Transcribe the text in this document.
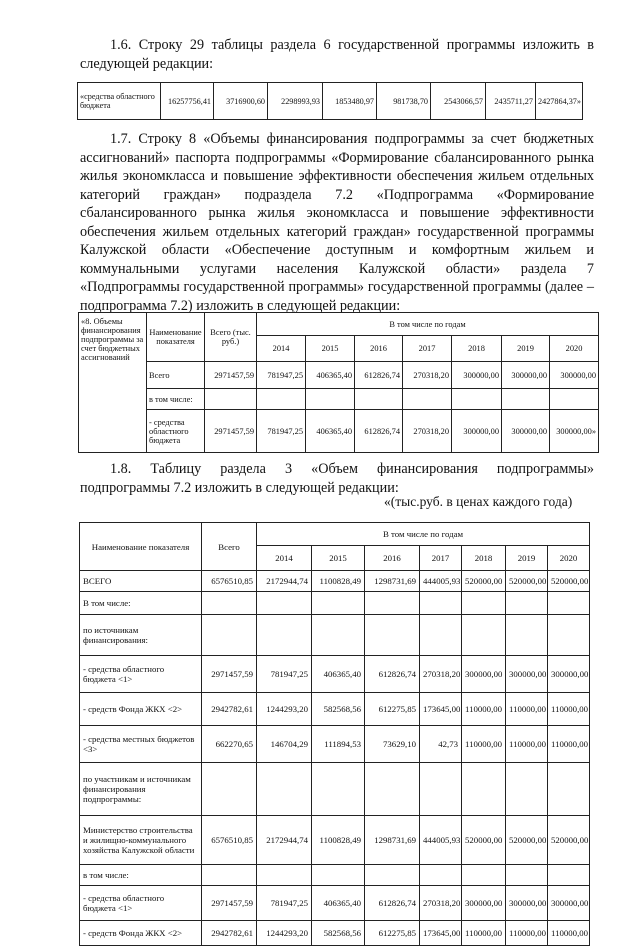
1.6. Строку 29 таблицы раздела 6 государственной программы изложить в следующей редакции:

«средства областного бюджета	16257756,41	3716900,60	2298993,93	1853480,97	981738,70	2543066,57	2435711,27	2427864,37»

1.7. Строку 8 «Объемы финансирования подпрограммы за счет бюджетных ассигнований» паспорта подпрограммы «Формирование сбалансированного рынка жилья экономкласса и повышение эффективности обеспечения жильем отдельных категорий граждан» подраздела 7.2 «Подпрограмма «Формирование сбалансированного рынка жилья экономкласса и повышение эффективности обеспечения жильем отдельных категорий граждан» государственной программы Калужской области «Обеспечение доступным и комфортным жильем и коммунальными услугами населения Калужской области» раздела 7 «Подпрограммы государственной программы» государственной программы (далее – подпрограмма 7.2) изложить в следующей редакции:

«8. Объемы финансирования подпрограммы за счет бюджетных ассигнований	Наименование показателя	Всего (тыс. руб.)	В том числе по годам						
			2014	2015	2016	2017	2018	2019	2020
	Всего	2971457,59	781947,25	406365,40	612826,74	270318,20	300000,00	300000,00	300000,00
	в том числе:								
	- средства областного бюджета	2971457,59	781947,25	406365,40	612826,74	270318,20	300000,00	300000,00	300000,00»

1.8. Таблицу раздела 3 «Объем финансирования подпрограммы» подпрограммы 7.2 изложить в следующей редакции:

«(тыс.руб. в ценах каждого года)
Наименование показателя	Всего	В том числе по годам						
		2014	2015	2016	2017	2018	2019	2020
ВСЕГО	6576510,85	2172944,74	1100828,49	1298731,69	444005,93	520000,00	520000,00	520000,00
В том числе:								
по источникам финансирования:								
- средства областного бюджета <1>	2971457,59	781947,25	406365,40	612826,74	270318,20	300000,00	300000,00	300000,00
- средств Фонда ЖКХ <2>	2942782,61	1244293,20	582568,56	612275,85	173645,00	110000,00	110000,00	110000,00
- средства местных бюджетов <3>	662270,65	146704,29	111894,53	73629,10	42,73	110000,00	110000,00	110000,00
по участникам и источникам финансирования подпрограммы:								
Министерство строительства и жилищно-коммунального хозяйства Калужской области	6576510,85	2172944,74	1100828,49	1298731,69	444005,93	520000,00	520000,00	520000,00
в том числе:								
- средства областного бюджета <1>	2971457,59	781947,25	406365,40	612826,74	270318,20	300000,00	300000,00	300000,00
- средств Фонда ЖКХ <2>	2942782,61	1244293,20	582568,56	612275,85	173645,00	110000,00	110000,00	110000,00
